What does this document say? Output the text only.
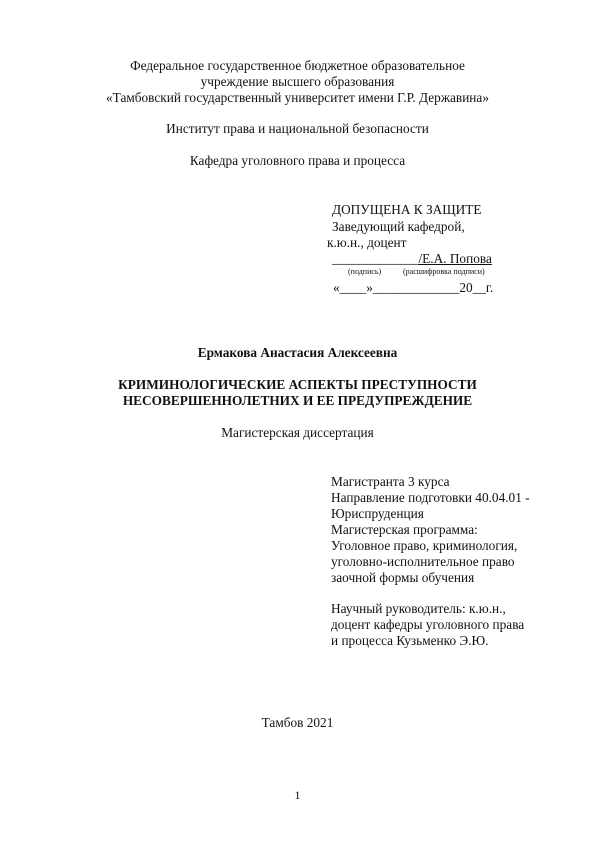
Федеральное государственное бюджетное образовательное
учреждение высшего образования
«Тамбовский государственный университет имени Г.Р. Державина»
Институт права и национальной безопасности
Кафедра уголовного права и процесса
ДОПУЩЕНА К ЗАЩИТЕ
Заведующий кафедрой,
к.ю.н., доцент
_____________/Е.А. Попова
(подпись)	(расшифровка подписи)
«____»_____________20__г.
Ермакова Анастасия Алексеевна
КРИМИНОЛОГИЧЕСКИЕ АСПЕКТЫ ПРЕСТУПНОСТИ
НЕСОВЕРШЕННОЛЕТНИХ И ЕЕ ПРЕДУПРЕЖДЕНИЕ
Магистерская диссертация
Магистранта 3 курса
Направление подготовки 40.04.01 -
Юриспруденция
Магистерская программа:
Уголовное право, криминология,
уголовно-исполнительное право
заочной формы обучения
Научный руководитель: к.ю.н.,
доцент кафедры уголовного права
и процесса Кузьменко Э.Ю.
Тамбов 2021
1
